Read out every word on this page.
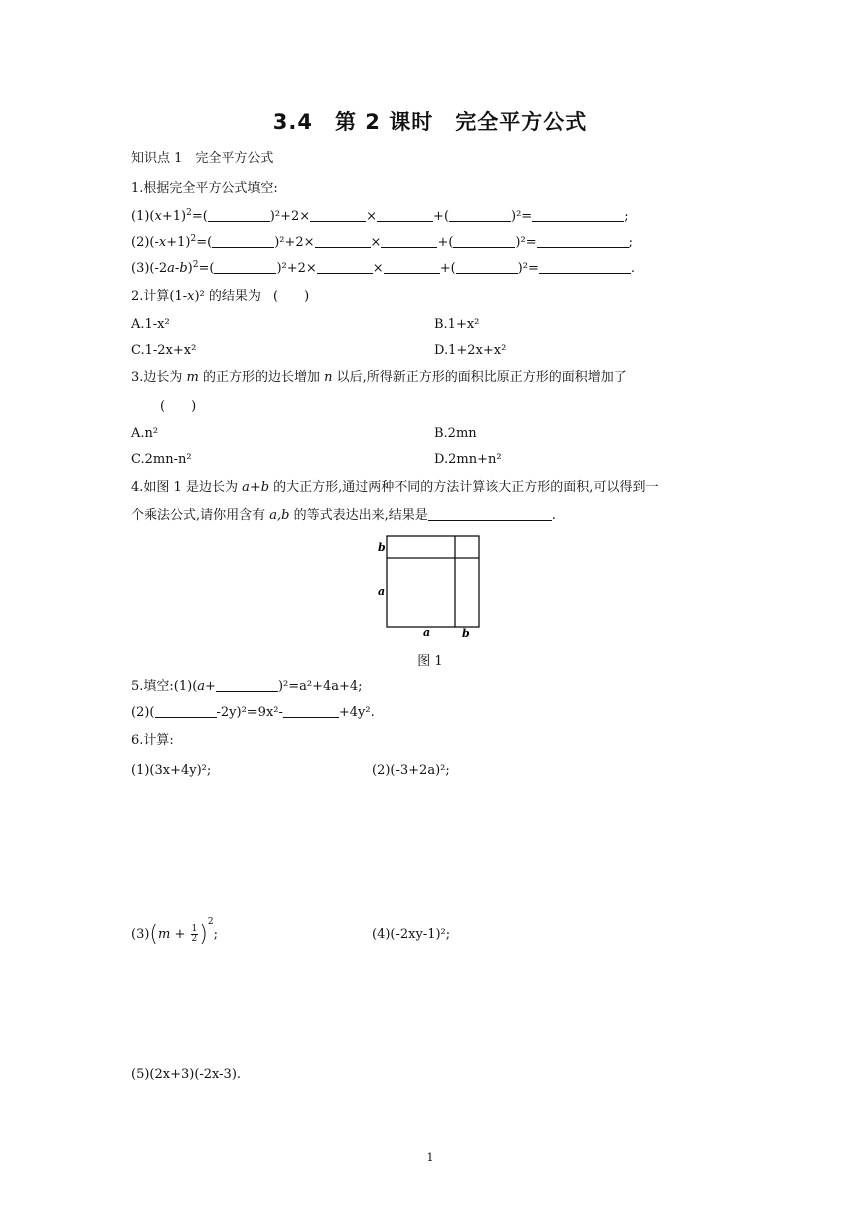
3.4　第 2 课时　完全平方公式
知识点 1　完全平方公式
1.根据完全平方公式填空:
$(1)(x+1)^2=$(	)²+2×	×	+(	)²=	;
$(2)(-x+1)^2=$(	)²+2×	×	+(	)²=	;
$(3)(-2a-b)^2=$(	)²+2×	×	+(	)²=	.
2.计算(1-x)² 的结果为 (　　)
A.1-x²	B.1+x²
C.1-2x+x²	D.1+2x+x²
3.边长为 m 的正方形的边长增加 n 以后,所得新正方形的面积比原正方形的面积增加了
(　　)
A.n²	B.2mn
C.2mn-n²	D.2mn+n²
4.如图 1 是边长为 a+b 的大正方形,通过两种不同的方法计算该大正方形的面积,可以得到一
个乘法公式,请你用含有 a,b 的等式表达出来,结果是	.
b
a
a	b
图 1
5.填空:(1)(a+	)²=a²+4a+4;
(2)(	-2y)²=9x²-	+4y².
6.计算:
(1)(3x+4y)²;	(2)(-3+2a)²;
$(3)(m + \frac{1}{2} )^2$;	(4)(-2xy-1)²;
(5)(2x+3)(-2x-3).
1
